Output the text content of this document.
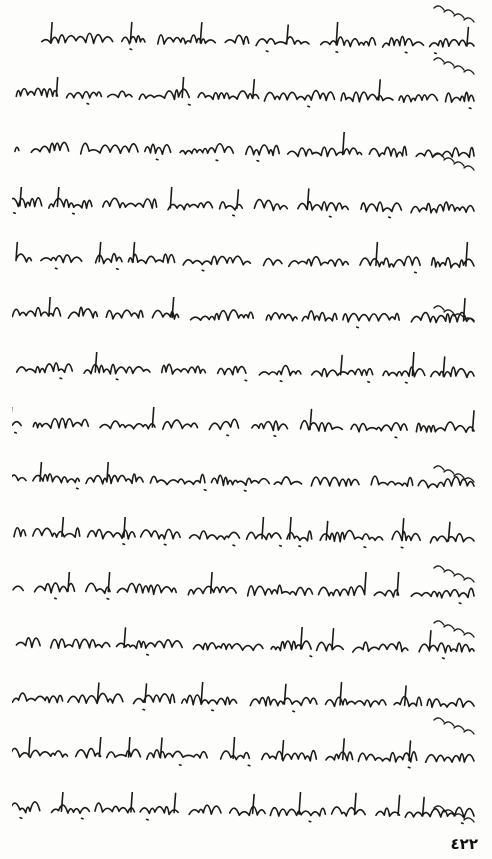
٤٢٢
